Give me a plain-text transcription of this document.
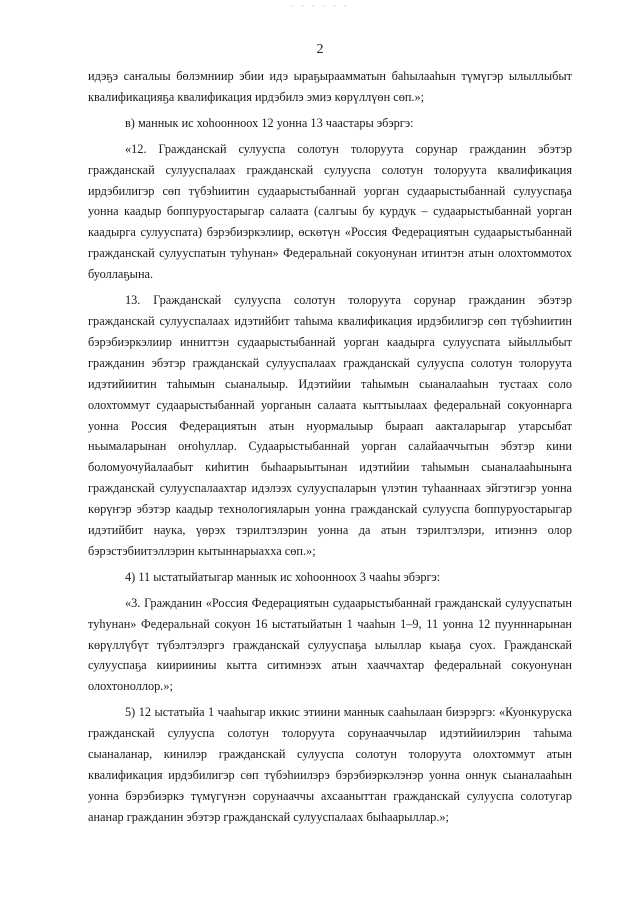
· · · · · ·
2

идэҕэ саҥалыы бөлэмниир эбии идэ ыраҕыраамматын баһылааһын түмүгэр ылыллыбыт квалификацияҕа квалификация ирдэбилэ эмиэ көрүллүөн сөп.»;

в) маннык ис хоһоонноох 12 уонна 13 чаастары эбэргэ:

«12. Гражданскай сулууспа солотун толоруута сорунар гражданин эбэтэр гражданскай сулууспалаах гражданскай сулууспа солотун толоруута квалификация ирдэбилигэр сөп түбэһиитин судаарыстыбаннай уорган судаарыстыбаннай сулууспаҕа уонна каадыр боппуруостарыгар салаата (салгыы бу курдук – судаарыстыбаннай уорган каадырга сулууспата) бэрэбиэркэлиир, өскөтүн «Россия Федерациятын судаарыстыбаннай гражданскай сулууспатын туһунан» Федеральнай сокуонунан итинтэн атын олохтоммотох буоллаҕына.

13. Гражданскай сулууспа солотун толоруута сорунар гражданин эбэтэр гражданскай сулууспалаах идэтийбит таһыма квалификация ирдэбилигэр сөп түбэһиитин бэрэбиэркэлиир инниттэн судаарыстыбаннай уорган каадырга сулууспата ыйыллыбыт гражданин эбэтэр гражданскай сулууспалаах гражданскай сулууспа солотун толоруута идэтийиитин таһымын сыаналыыр. Идэтийии таһымын сыаналааһын тустаах соло олохтоммут судаарыстыбаннай уорганын салаата кыттыылаах федеральнай сокуоннарга уонна Россия Федерациятын атын нуормалыыр быраап аакталарыгар утарсыбат ньымаларынан оҥоһуллар. Судаарыстыбаннай уорган салайааччытын эбэтэр кини боломуочуйалаабыт киһитин быһаарыытынан идэтийии таһымын сыаналааһыныҥа гражданскай сулууспалаахтар идэлээх сулууспаларын үлэтин туһааннаах эйгэтигэр уонна көрүҥэр эбэтэр каадыр технологияларын уонна гражданскай сулууспа боппуруостарыгар идэтийбит наука, үөрэх тэрилтэлэрин уонна да атын тэрилтэлэри, итиэннэ олор бэрэстэбиитэллэрин кытыннарыахха сөп.»;

4) 11 ыстатыйатыгар маннык ис хоһоонноох 3 чааһы эбэргэ:

«3. Гражданин «Россия Федерациятын судаарыстыбаннай гражданскай сулууспатын туһунан» Федеральнай сокуон 16 ыстатыйатын 1 чааһын 1–9, 11 уонна 12 пуунннарынан көрүллүбүт түбэлтэлэргэ гражданскай сулууспаҕа ылыллар кыаҕа суох. Гражданскай сулууспаҕа киирииниы кытта ситимнээх атын хааччахтар федеральнай сокуонунан олохтоноллор.»;

5) 12 ыстатыйа 1 чааһыгар иккис этиини маннык сааһылаан биэрэргэ: «Куонкурускa гражданскай сулууспа солотун толоруута сорунааччылар идэтийиилэрин таһыма сыаналанар, кинилэр гражданскай сулууспа солотун толоруута олохтоммут атын квалификация ирдэбилигэр сөп түбэһиилэрэ бэрэбиэркэлэнэр уонна оннук сыаналааһын уонна бэрэбиэркэ түмүгүнэн сорунааччы ахсааныттан гражданскай сулууспа солотугар ананар гражданин эбэтэр гражданскай сулууспалаах быһаарыллар.»;
